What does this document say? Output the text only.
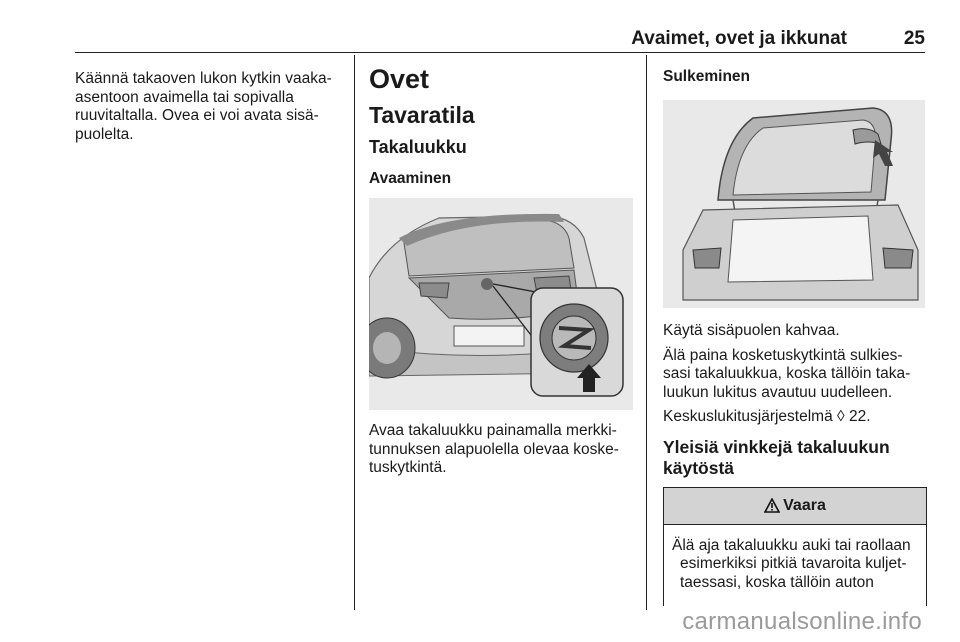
Avaimet, ovet ja ikkunat	25

Käännä takaoven lukon kytkin vaaka-

asentoon avaimella tai sopivalla

ruuvitaltalla. Ovea ei voi avata sisä-

puolelta.

Ovet
Tavaratila
Takaluukku
Avaaminen

Avaa takaluukku painamalla merkki-

tunnuksen alapuolella olevaa koske-

tuskytkintä.

Sulkeminen

Käytä sisäpuolen kahvaa.

Älä paina kosketuskytkintä sulkies-

sasi takaluukkua, koska tällöin taka-

luukun lukitus avautuu uudelleen.

Keskuslukitusjärjestelmä ◊ 22.

Yleisiä vinkkejä takaluukun
käytöstä
Vaara
Älä aja takaluukku auki tai raollaan
esimerkiksi pitkiä tavaroita kuljet-
taessasi, koska tällöin auton
carmanualsonline.info
